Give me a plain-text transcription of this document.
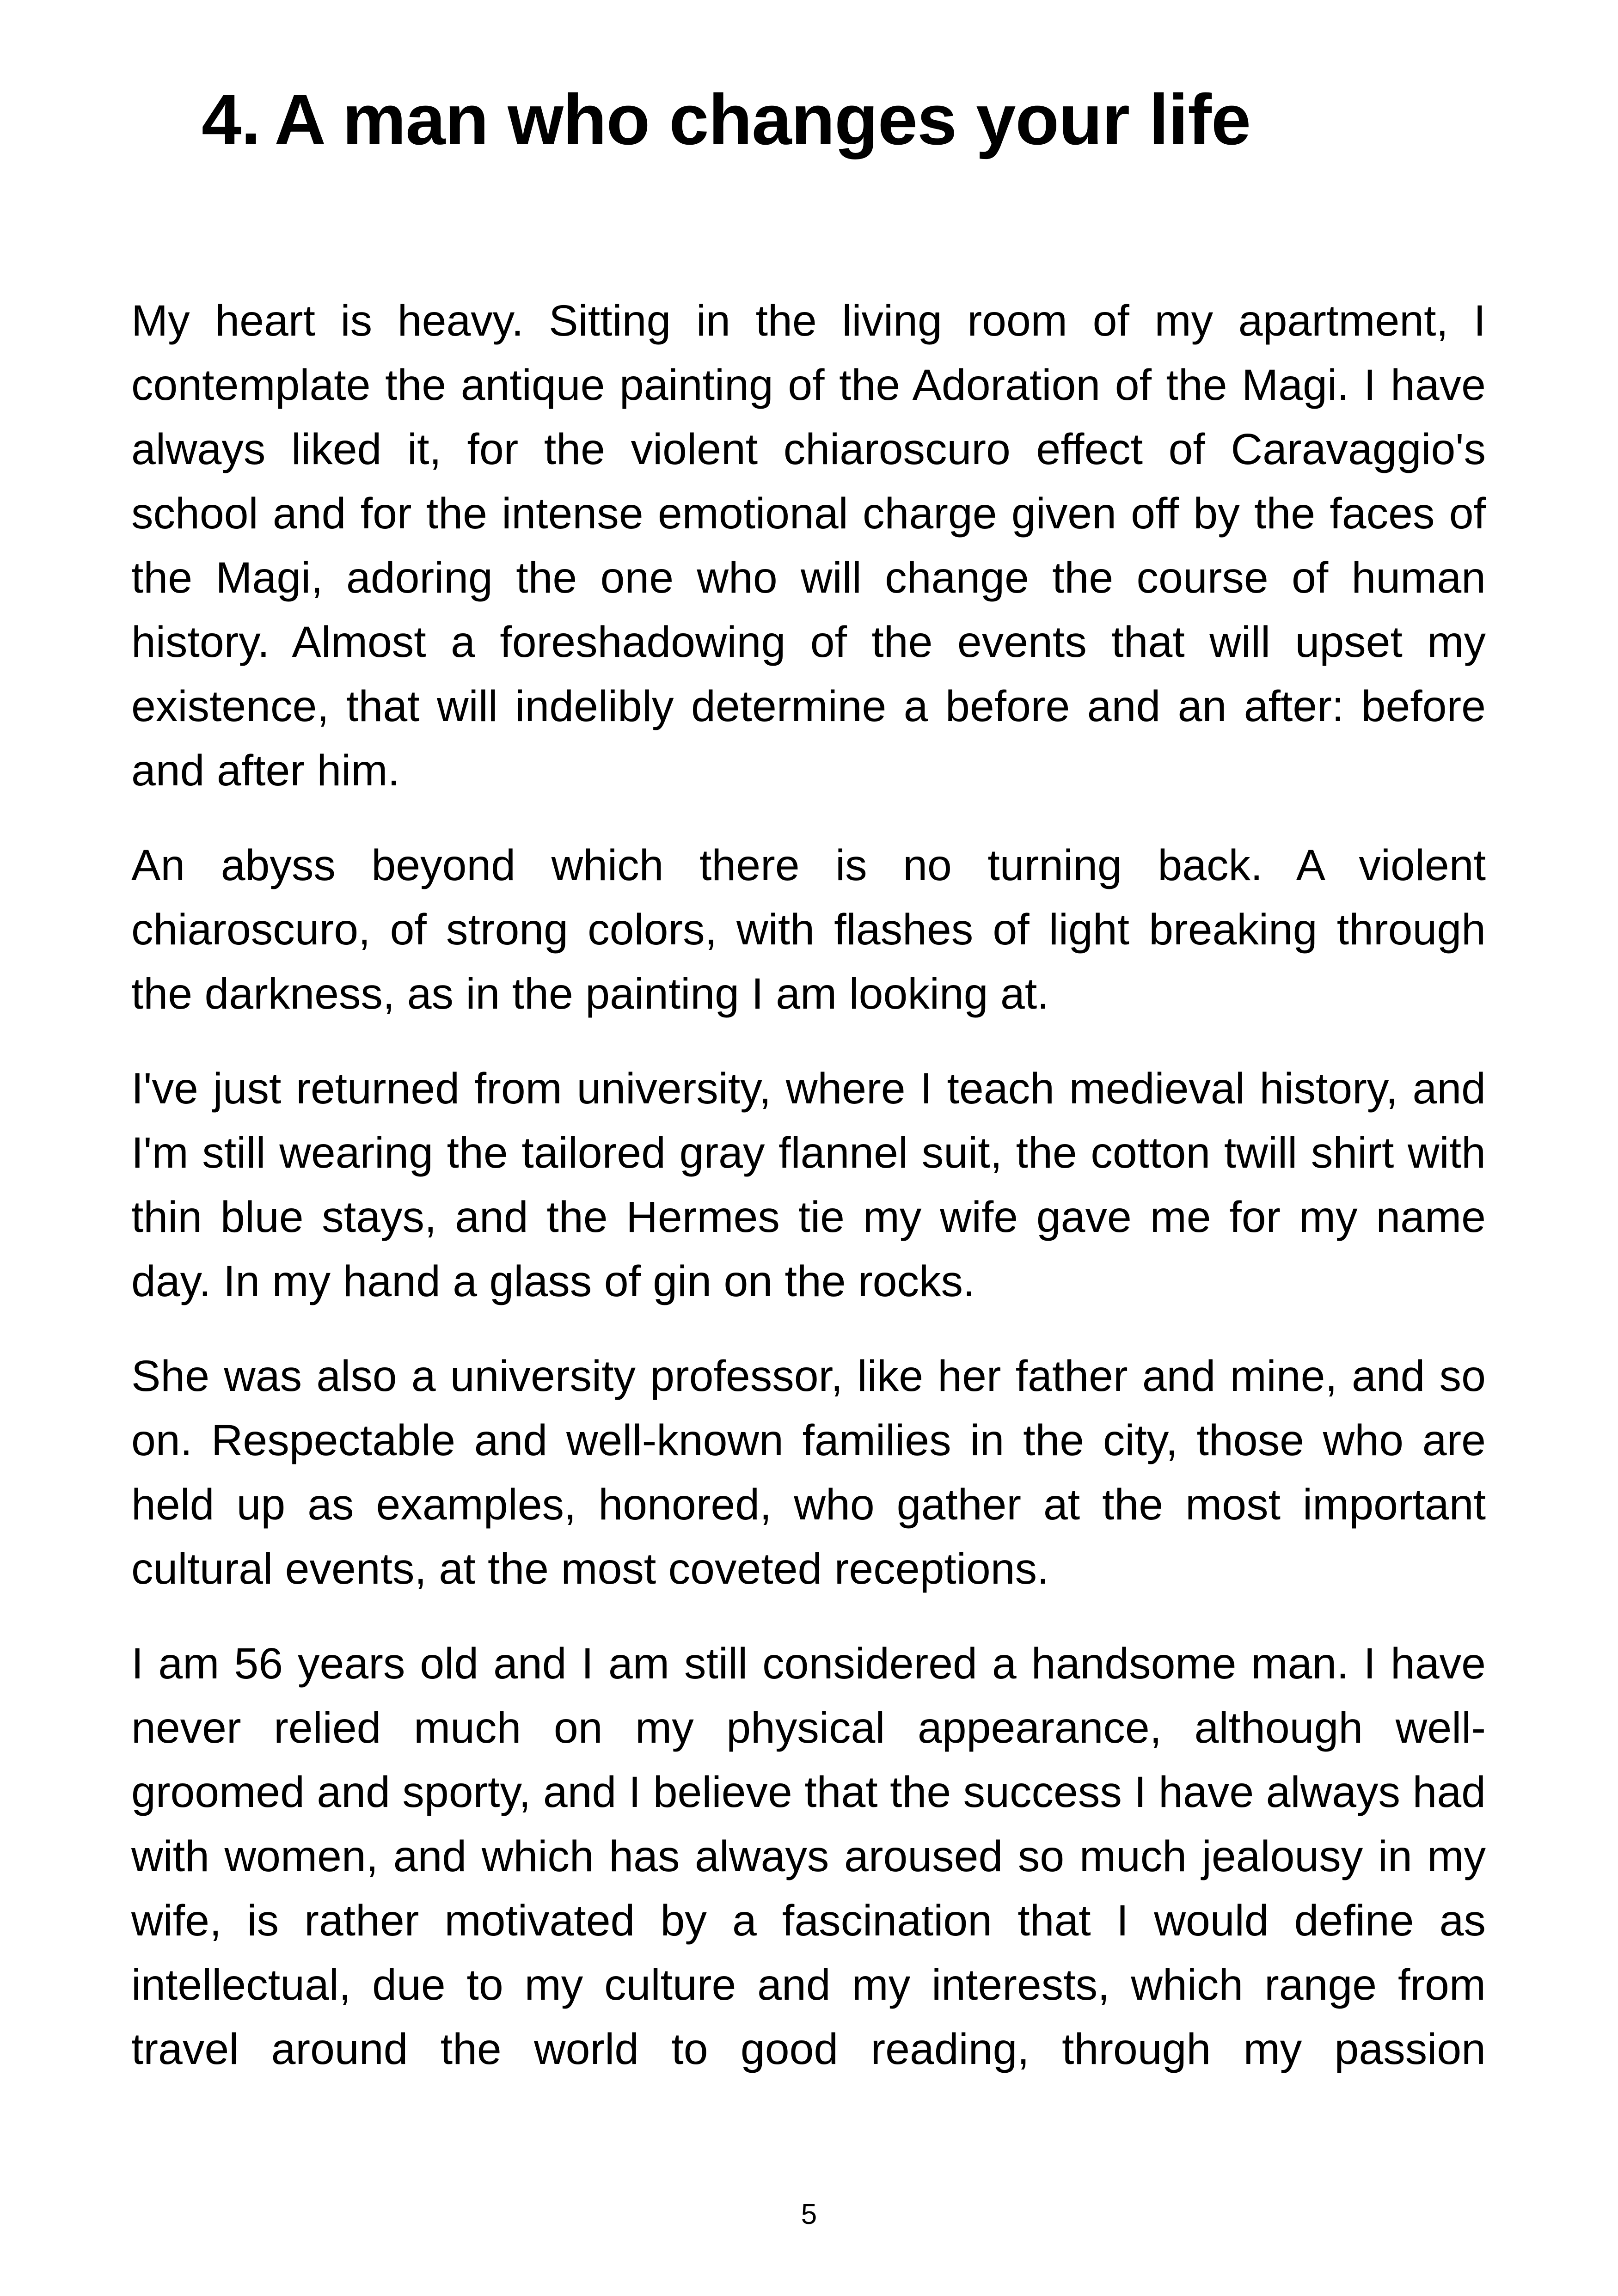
4. A man who changes your life

My heart is heavy. Sitting in the living room of my apartment, I contemplate the antique painting of the Adoration of the Magi. I have always liked it, for the violent chiaroscuro effect of Caravaggio's school and for the intense emotional charge given off by the faces of the Magi, adoring the one who will change the course of human history. Almost a foreshadowing of the events that will upset my existence, that will indelibly determine a before and an after: before and after him.

An abyss beyond which there is no turning back. A violent chiaroscuro, of strong colors, with flashes of light breaking through the darkness, as in the painting I am looking at.

I've just returned from university, where I teach medieval history, and I'm still wearing the tailored gray flannel suit, the cotton twill shirt with thin blue stays, and the Hermes tie my wife gave me for my name day. In my hand a glass of gin on the rocks.

She was also a university professor, like her father and mine, and so on. Respectable and well-known families in the city, those who are held up as examples, honored, who gather at the most important cultural events, at the most coveted receptions.

I am 56 years old and I am still considered a handsome man. I have never relied much on my physical appearance, although well-groomed and sporty, and I believe that the success I have always had with women, and which has always aroused so much jealousy in my wife, is rather motivated by a fascination that I would define as intellectual, due to my culture and my interests, which range from travel around the world to good reading, through my passion

5
